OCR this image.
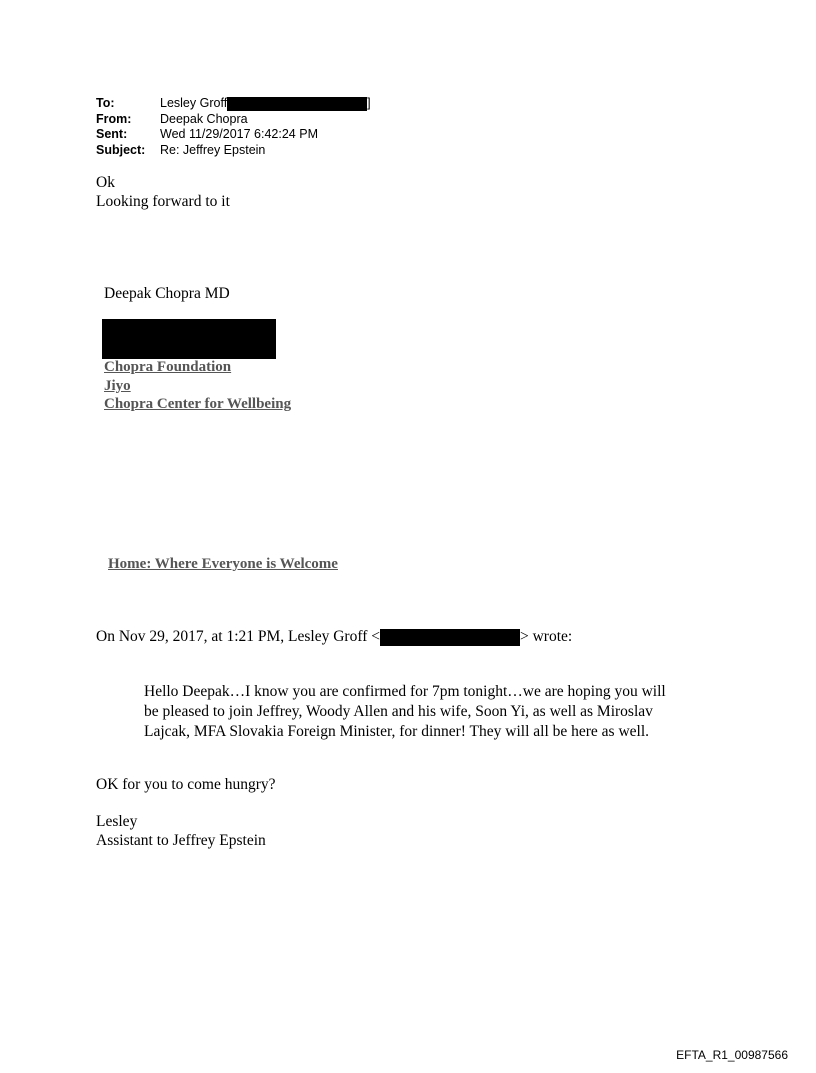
To:	Lesley Groff	]
From:	Deepak Chopra
Sent:	Wed 11/29/2017 6:42:24 PM
Subject:	Re: Jeffrey Epstein
Ok
Looking forward to it
Deepak Chopra MD
Chopra Foundation
Jiyo
Chopra Center for Wellbeing
Home: Where Everyone is Welcome
On Nov 29, 2017, at 1:21 PM, Lesley Groff <	> wrote:
Hello Deepak…I know you are confirmed for 7pm tonight…we are hoping you will be pleased to join Jeffrey, Woody Allen and his wife, Soon Yi, as well as Miroslav Lajcak, MFA Slovakia Foreign Minister, for dinner! They will all be here as well.
OK for you to come hungry?
Lesley
Assistant to Jeffrey Epstein
EFTA_R1_00987566
